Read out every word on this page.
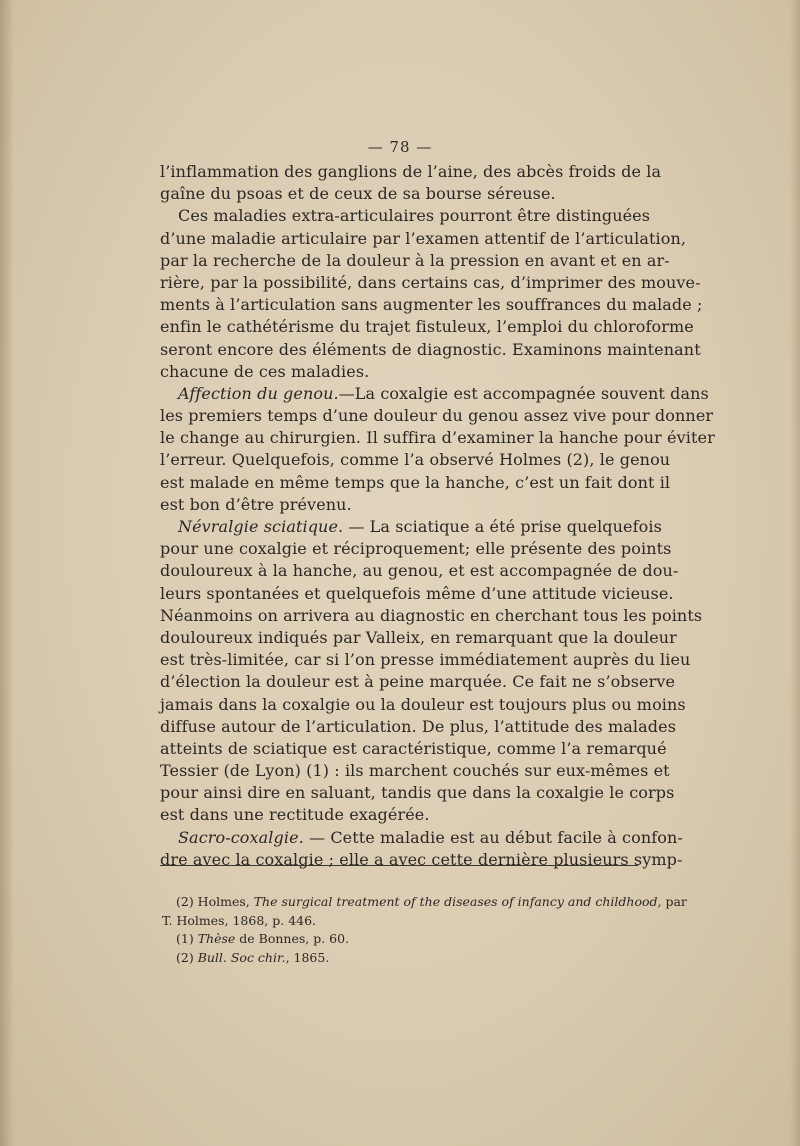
— 78 —
l’inflammation des ganglions de l’aine, des abcès froids de la
gaîne du psoas et de ceux de sa bourse séreuse.
Ces maladies extra-articulaires pourront être distinguées
d’une maladie articulaire par l’examen attentif de l’articulation,
par la recherche de la douleur à la pression en avant et en ar-
rière, par la possibilité, dans certains cas, d’imprimer des mouve-
ments à l’articulation sans augmenter les souffrances du malade ;
enfin le cathétérisme du trajet fistuleux, l’emploi du chloroforme
seront encore des éléments de diagnostic. Examinons maintenant
chacune de ces maladies.
Affection du genou.—La coxalgie est accompagnée souvent dans
les premiers temps d’une douleur du genou assez vive pour donner
le change au chirurgien. Il suffira d’examiner la hanche pour éviter
l’erreur. Quelquefois, comme l’a observé Holmes (2), le genou
est malade en même temps que la hanche, c’est un fait dont il
est bon d’être prévenu.
Névralgie sciatique. — La sciatique a été prise quelquefois
pour une coxalgie et réciproquement; elle présente des points
douloureux à la hanche, au genou, et est accompagnée de dou-
leurs spontanées et quelquefois même d’une attitude vicieuse.
Néanmoins on arrivera au diagnostic en cherchant tous les points
douloureux indiqués par Valleix, en remarquant que la douleur
est très-limitée, car si l’on presse immédiatement auprès du lieu
d’élection la douleur est à peine marquée. Ce fait ne s’observe
jamais dans la coxalgie ou la douleur est toujours plus ou moins
diffuse autour de l’articulation. De plus, l’attitude des malades
atteints de sciatique est caractéristique, comme l’a remarqué
Tessier (de Lyon) (1) : ils marchent couchés sur eux-mêmes et
pour ainsi dire en saluant, tandis que dans la coxalgie le corps
est dans une rectitude exagérée.
Sacro-coxalgie. — Cette maladie est au début facile à confon-
dre avec la coxalgie ; elle a avec cette dernière plusieurs symp-
(2) Holmes, The surgical treatment of the diseases of infancy and childhood, par
T. Holmes, 1868, p. 446.
(1) Thèse de Bonnes, p. 60.
(2) Bull. Soc chir., 1865.
